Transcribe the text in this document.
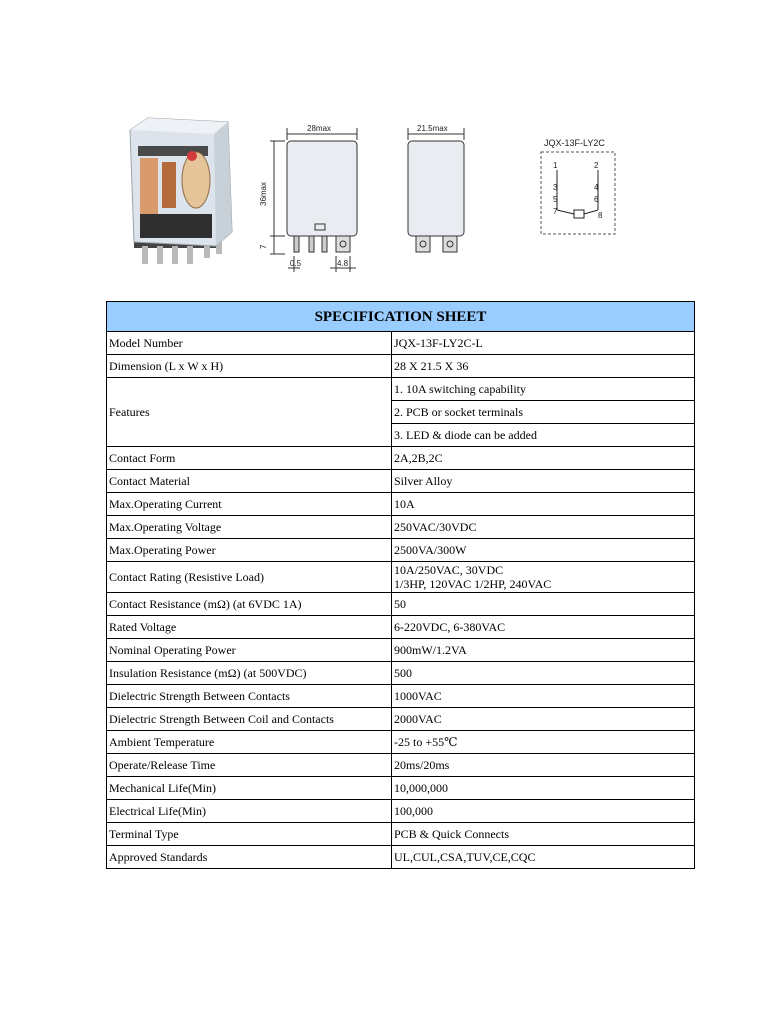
28max
36max
7
0.5	4.8
21.5max
JQX-13F-LY2C
1	2
3	4
5	6
7	8
SPECIFICATION SHEET	
Model Number	JQX-13F-LY2C-L
Dimension (L x W x H)	28 X 21.5 X 36
Features	1. 10A switching capability
	2. PCB or socket terminals
	3. LED & diode can be added
Contact Form	2A,2B,2C
Contact Material	Silver Alloy
Max.Operating Current	10A
Max.Operating Voltage	250VAC/30VDC
Max.Operating Power	2500VA/300W
Contact Rating (Resistive Load)	10A/250VAC, 30VDC
1/3HP, 120VAC 1/2HP, 240VAC
Contact Resistance (mΩ) (at 6VDC 1A)	50
Rated Voltage	6-220VDC, 6-380VAC
Nominal Operating Power	900mW/1.2VA
Insulation Resistance (mΩ) (at 500VDC)	500
Dielectric Strength Between Contacts	1000VAC
Dielectric Strength Between Coil and Contacts	2000VAC
Ambient Temperature	-25 to +55℃
Operate/Release Time	20ms/20ms
Mechanical Life(Min)	10,000,000
Electrical Life(Min)	100,000
Terminal Type	PCB & Quick Connects
Approved Standards	UL,CUL,CSA,TUV,CE,CQC
